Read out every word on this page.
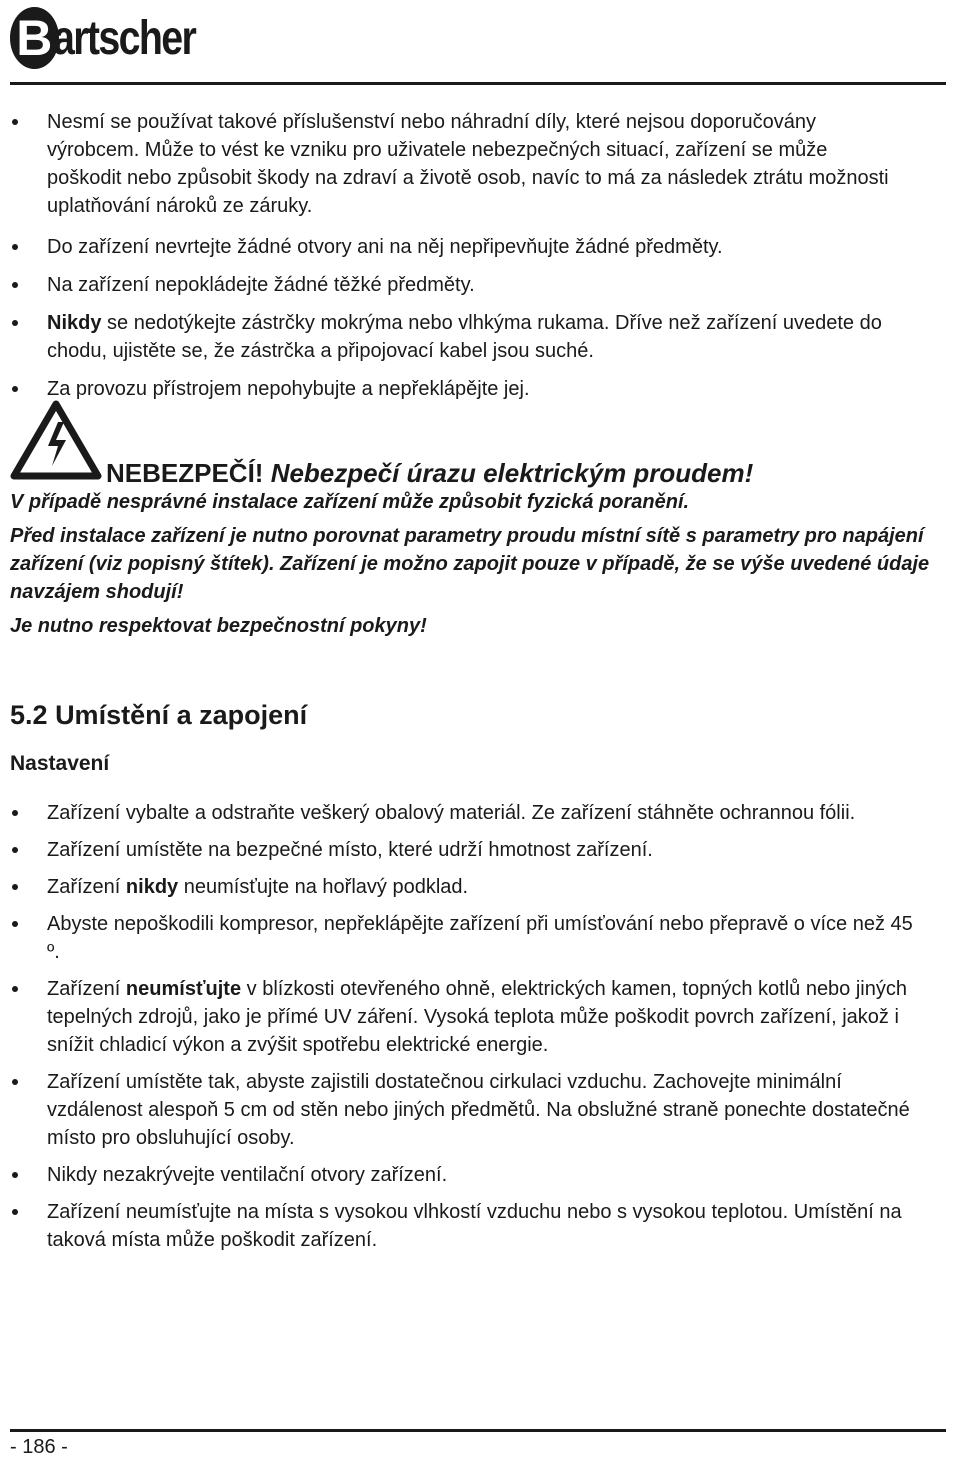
B artscher
Nesmí se používat takové příslušenství nebo náhradní díly, které nejsou doporučovány výrobcem. Může to vést ke vzniku pro uživatele nebezpečných situací, zařízení se může poškodit nebo způsobit škody na zdraví a životě osob, navíc to má za následek ztrátu možnosti uplatňování nároků ze záruky.
Do zařízení nevrtejte žádné otvory ani na něj nepřipevňujte žádné předměty.
Na zařízení nepokládejte žádné těžké předměty.
Nikdy se nedotýkejte zástrčky mokrýma nebo vlhkýma rukama. Dříve než zařízení uvedete do chodu, ujistěte se, že zástrčka a připojovací kabel jsou suché.
Za provozu přístrojem nepohybujte a nepřeklápějte jej.
NEBEZPEČÍ! Nebezpečí úrazu elektrickým proudem!
V případě nesprávné instalace zařízení může způsobit fyzická poranění.
Před instalace zařízení je nutno porovnat parametry proudu místní sítě s parametry pro napájení zařízení (viz popisný štítek). Zařízení je možno zapojit pouze v případě, že se výše uvedené údaje navzájem shodují!
Je nutno respektovat bezpečnostní pokyny!
5.2 Umístění a zapojení
Nastavení
Zařízení vybalte a odstraňte veškerý obalový materiál. Ze zařízení stáhněte ochrannou fólii.
Zařízení umístěte na bezpečné místo, které udrží hmotnost zařízení.
Zařízení nikdy neumísťujte na hořlavý podklad.
Abyste nepoškodili kompresor, nepřeklápějte zařízení při umísťování nebo přepravě o více než 45 º.
Zařízení neumísťujte v blízkosti otevřeného ohně, elektrických kamen, topných kotlů nebo jiných tepelných zdrojů, jako je přímé UV záření. Vysoká teplota může poškodit povrch zařízení, jakož i snížit chladicí výkon a zvýšit spotřebu elektrické energie.
Zařízení umístěte tak, abyste zajistili dostatečnou cirkulaci vzduchu. Zachovejte minimální vzdálenost alespoň 5 cm od stěn nebo jiných předmětů. Na obslužné straně ponechte dostatečné místo pro obsluhující osoby.
Nikdy nezakrývejte ventilační otvory zařízení.
Zařízení neumísťujte na místa s vysokou vlhkostí vzduchu nebo s vysokou teplotou. Umístění na taková místa může poškodit zařízení.
- 186 -
